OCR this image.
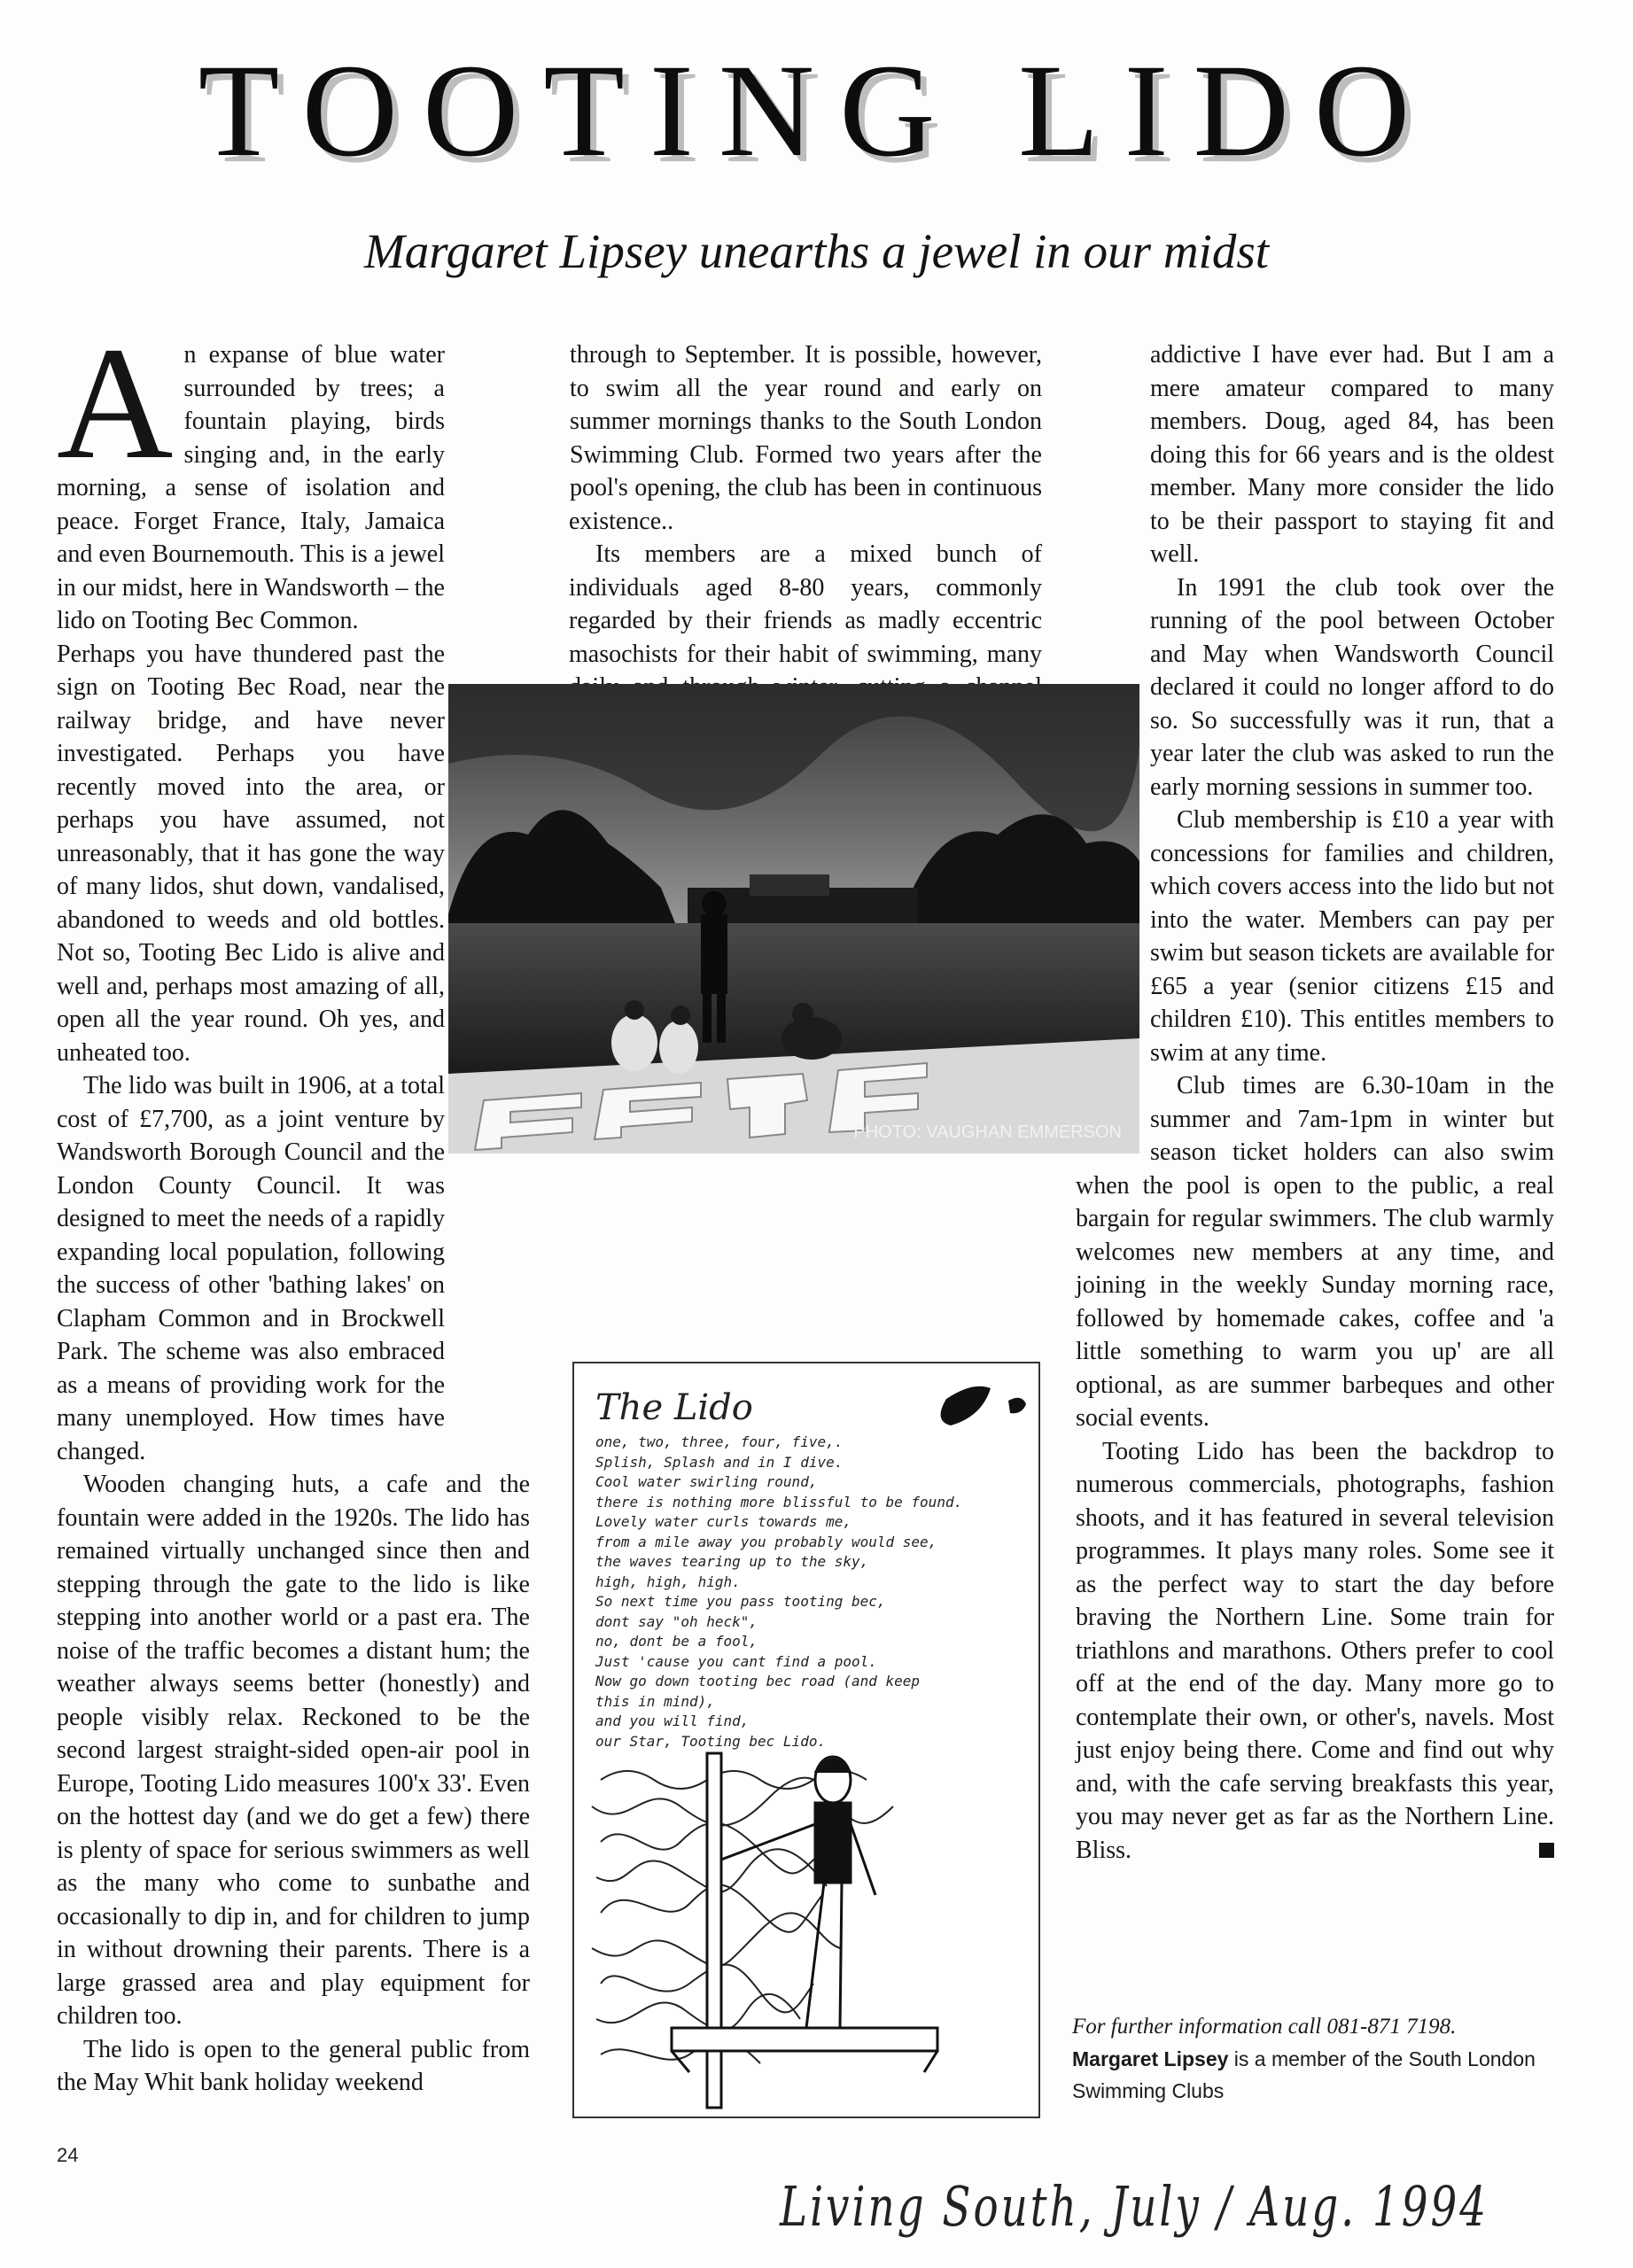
TOOTING LIDO
Margaret Lipsey unearths a jewel in our midst
A n expanse of blue water surrounded by trees; a fountain playing, birds singing and, in the early morning, a sense of isolation and peace. Forget France, Italy, Jamaica and even Bournemouth. This is a jewel in our midst, here in Wandsworth – the lido on Tooting Bec Common.

Perhaps you have thundered past the sign on Tooting Bec Road, near the railway bridge, and have never investigated. Perhaps you have recently moved into the area, or perhaps you have assumed, not unreasonably, that it has gone the way of many lidos, shut down, vandalised, abandoned to weeds and old bottles. Not so, Tooting Bec Lido is alive and well and, perhaps most amazing of all, open all the year round. Oh yes, and unheated too.

The lido was built in 1906, at a total cost of £7,700, as a joint venture by Wandsworth Borough Council and the London County Council. It was designed to meet the needs of a rapidly expanding local population, following the success of other 'bathing lakes' on Clapham Common and in Brockwell Park. The scheme was also embraced as a means of providing work for the many unemployed. How times have changed.

Wooden changing huts, a cafe and the fountain were added in the 1920s. The lido has remained virtually unchanged since then and stepping through the gate to the lido is like stepping into another world or a past era. The noise of the traffic becomes a distant hum; the weather always seems better (honestly) and people visibly relax. Reckoned to be the second largest straight-sided open-air pool in Europe, Tooting Lido measures 100'x 33'. Even on the hottest day (and we do get a few) there is plenty of space for serious swimmers as well as the many who come to sunbathe and occasionally to dip in, and for children to jump in without drowning their parents. There is a large grassed area and play equipment for children too.

The lido is open to the general public from the May Whit bank holiday weekend

through to September. It is possible, however, to swim all the year round and early on summer mornings thanks to the South London Swimming Club. Formed two years after the pool's opening, the club has been in continuous existence..

Its members are a mixed bunch of individuals aged 8-80 years, commonly regarded by their friends as madly eccentric masochists for their habit of swimming, many

addictive I have ever had. But I am a mere amateur compared to many members. Doug, aged 84, has been doing this for 66 years and is the oldest member. Many more consider the lido to be their passport to staying fit and well.

In 1991 the club took over the running of the pool between October and May when Wandsworth Council declared it could no longer afford to do so. So successfully was it run, that a year later the club was asked to run the early morning sessions in summer too.

Club membership is £10 a year with concessions for families and children, which covers access into the lido but not into the water. Members can pay per swim but season tickets are available for £65 a year (senior citizens £15 and children £10). This entitles members to swim at any time.

Club times are 6.30-10am in the summer and 7am-1pm in winter but season ticket holders can also swim when the pool is open to the public, a real bargain for regular swimmers. The club warmly welcomes new members at any time, and joining in the weekly Sunday morning race, followed by homemade cakes, coffee and 'a little something to warm you up' are all optional, as are summer barbeques and other social events.

Tooting Lido has been the backdrop to numerous commercials, photographs, fashion shoots, and it has featured in several television programmes. It plays many roles. Some see it as the perfect way to start the day before braving the Northern Line. Some train for triathlons and marathons. Others prefer to cool off at the end of the day. Many more go to contemplate their own, or other's, navels. Most just enjoy being there. Come and find out why and, with the cafe serving breakfasts this year, you may never get as far as the Northern Line. Bliss.

PHOTO: VAUGHAN EMMERSON
The Lido
one, two, three, four, five,.
Splish, Splash and in I dive.
Cool water swirling round,
there is nothing more blissful to be found.
Lovely water curls towards me,
from a mile away you probably would see,
the waves tearing up to the sky,
high, high, high.
So next time you pass tooting bec,
dont say "oh heck",
no, dont be a fool,
Just 'cause you cant find a pool.
Now go down tooting bec road (and keep
this in mind),
and you will find,
our Star, Tooting bec Lido.
For further information call 081-871 7198.
Margaret Lipsey is a member of the South London Swimming Clubs
24
Living South, July / Aug. 1994
